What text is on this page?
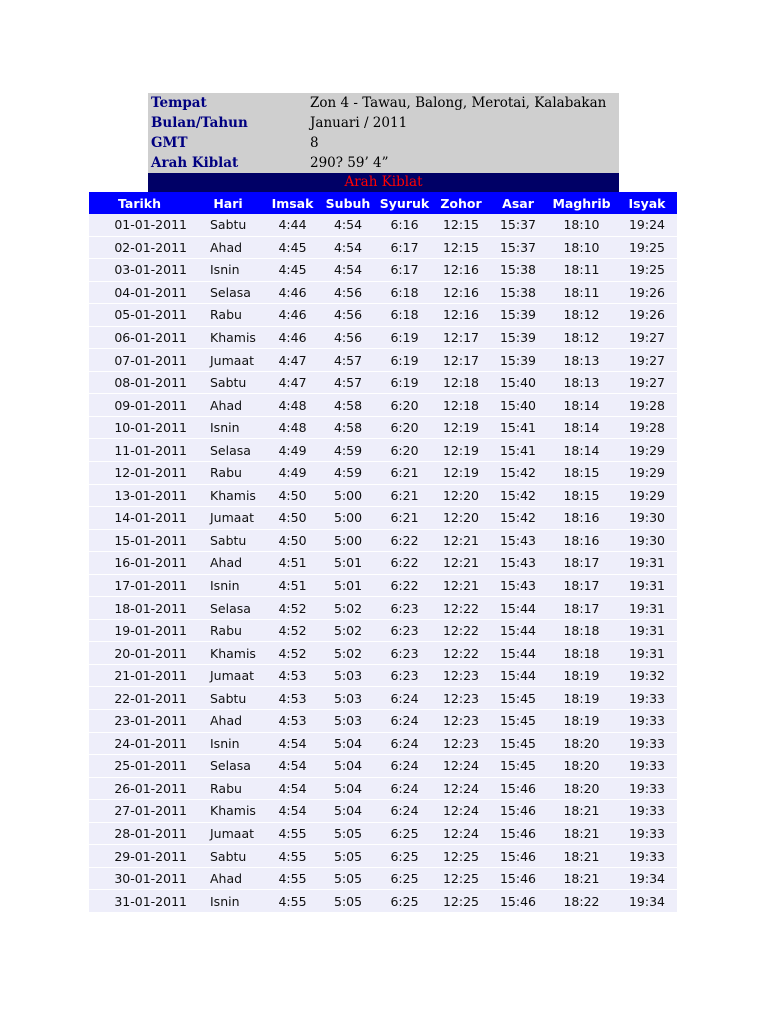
Tempat	Zon 4 - Tawau, Balong, Merotai, Kalabakan
Bulan/Tahun	Januari / 2011
GMT	8
Arah Kiblat	290? 59’ 4”
Arah Kiblat
Tarikh	Hari	Imsak	Subuh	Syuruk	Zohor	Asar	Maghrib	Isyak
01-01-2011	Sabtu	4:44	4:54	6:16	12:15	15:37	18:10	19:24
02-01-2011	Ahad	4:45	4:54	6:17	12:15	15:37	18:10	19:25
03-01-2011	Isnin	4:45	4:54	6:17	12:16	15:38	18:11	19:25
04-01-2011	Selasa	4:46	4:56	6:18	12:16	15:38	18:11	19:26
05-01-2011	Rabu	4:46	4:56	6:18	12:16	15:39	18:12	19:26
06-01-2011	Khamis	4:46	4:56	6:19	12:17	15:39	18:12	19:27
07-01-2011	Jumaat	4:47	4:57	6:19	12:17	15:39	18:13	19:27
08-01-2011	Sabtu	4:47	4:57	6:19	12:18	15:40	18:13	19:27
09-01-2011	Ahad	4:48	4:58	6:20	12:18	15:40	18:14	19:28
10-01-2011	Isnin	4:48	4:58	6:20	12:19	15:41	18:14	19:28
11-01-2011	Selasa	4:49	4:59	6:20	12:19	15:41	18:14	19:29
12-01-2011	Rabu	4:49	4:59	6:21	12:19	15:42	18:15	19:29
13-01-2011	Khamis	4:50	5:00	6:21	12:20	15:42	18:15	19:29
14-01-2011	Jumaat	4:50	5:00	6:21	12:20	15:42	18:16	19:30
15-01-2011	Sabtu	4:50	5:00	6:22	12:21	15:43	18:16	19:30
16-01-2011	Ahad	4:51	5:01	6:22	12:21	15:43	18:17	19:31
17-01-2011	Isnin	4:51	5:01	6:22	12:21	15:43	18:17	19:31
18-01-2011	Selasa	4:52	5:02	6:23	12:22	15:44	18:17	19:31
19-01-2011	Rabu	4:52	5:02	6:23	12:22	15:44	18:18	19:31
20-01-2011	Khamis	4:52	5:02	6:23	12:22	15:44	18:18	19:31
21-01-2011	Jumaat	4:53	5:03	6:23	12:23	15:44	18:19	19:32
22-01-2011	Sabtu	4:53	5:03	6:24	12:23	15:45	18:19	19:33
23-01-2011	Ahad	4:53	5:03	6:24	12:23	15:45	18:19	19:33
24-01-2011	Isnin	4:54	5:04	6:24	12:23	15:45	18:20	19:33
25-01-2011	Selasa	4:54	5:04	6:24	12:24	15:45	18:20	19:33
26-01-2011	Rabu	4:54	5:04	6:24	12:24	15:46	18:20	19:33
27-01-2011	Khamis	4:54	5:04	6:24	12:24	15:46	18:21	19:33
28-01-2011	Jumaat	4:55	5:05	6:25	12:24	15:46	18:21	19:33
29-01-2011	Sabtu	4:55	5:05	6:25	12:25	15:46	18:21	19:33
30-01-2011	Ahad	4:55	5:05	6:25	12:25	15:46	18:21	19:34
31-01-2011	Isnin	4:55	5:05	6:25	12:25	15:46	18:22	19:34
